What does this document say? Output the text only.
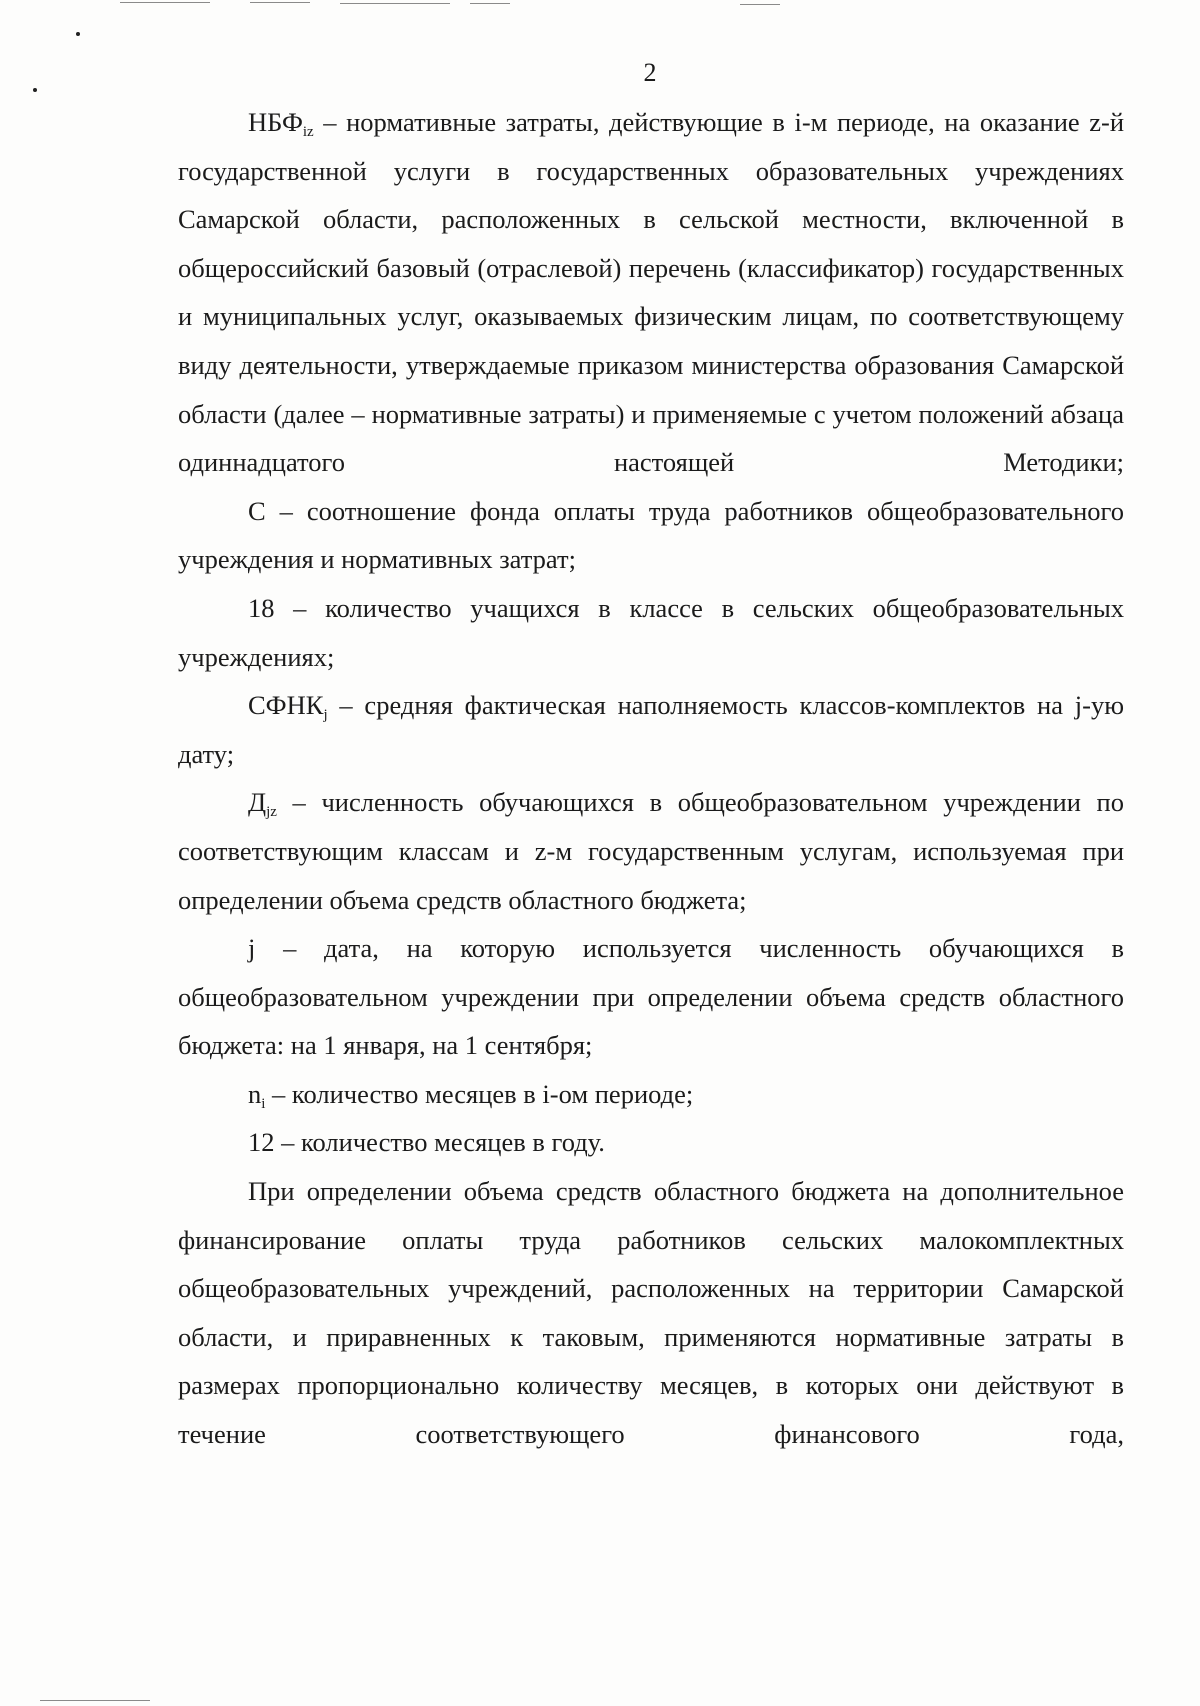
2

$НБФ_{iz}$ – нормативные затраты, действующие в i-м периоде, на оказание z-й государственной услуги в государственных образовательных учреждениях Самарской области, расположенных в сельской местности, включенной в общероссийский базовый (отраслевой) перечень (классификатор) государственных и муниципальных услуг, оказываемых физическим лицам, по соответствующему виду деятельности, утверждаемые приказом министерства образования Самарской области (далее – нормативные затраты) и применяемые с учетом положений абзаца одиннадцатого настоящей Методики;

С – соотношение фонда оплаты труда работников общеобразовательного учреждения и нормативных затрат;

18 – количество учащихся в классе в сельских общеобразовательных учреждениях;

$СФНК_j$ – средняя фактическая наполняемость классов-комплектов на j-ую дату;

$Д_{jz}$ – численность обучающихся в общеобразовательном учреждении по соответствующим классам и z-м государственным услугам, используемая при определении объема средств областного бюджета;

j – дата, на которую используется численность обучающихся в общеобразовательном учреждении при определении объема средств областного бюджета: на 1 января, на 1 сентября;

$n_i$ – количество месяцев в i-ом периоде;

12 – количество месяцев в году.

При определении объема средств областного бюджета на дополнительное финансирование оплаты труда работников сельских малокомплектных общеобразовательных учреждений, расположенных на территории Самарской области, и приравненных к таковым, применяются нормативные затраты в размерах пропорционально количеству месяцев, в которых они действуют в течение соответствующего финансового года,
